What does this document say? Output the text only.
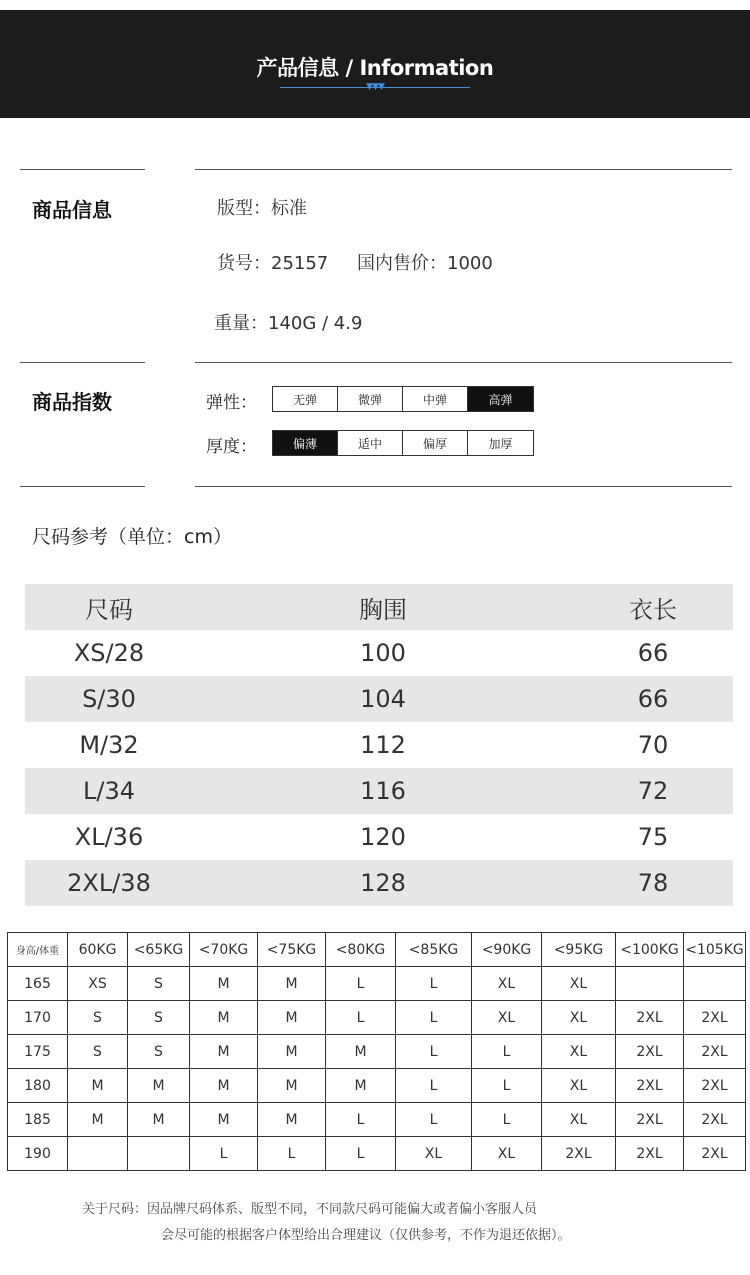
产品信息 / Information
▼▼▼
商品信息	版型：标准
货号：25157 国内售价：1000
重量：140G / 4.9
商品指数	弹性：	无弹	微弹	中弹	高弹
厚度：	偏薄	适中	偏厚	加厚
尺码参考（单位：cm）
尺码	胸围	衣长
XS/28	100	66
S/30	104	66
M/32	112	70
L/34	116	72
XL/36	120	75
2XL/38	128	78
身高/体重	60KG	<65KG	<70KG	<75KG	<80KG	<85KG	<90KG	<95KG	<100KG	<105KG
165	XS	S	M	M	L	L	XL	XL		
170	S	S	M	M	L	L	XL	XL	2XL	2XL
175	S	S	M	M	M	L	L	XL	2XL	2XL
180	M	M	M	M	M	L	L	XL	2XL	2XL
185	M	M	M	M	L	L	L	XL	2XL	2XL
190			L	L	L	XL	XL	2XL	2XL	2XL
关于尺码：因品牌尺码体系、版型不同，不同款尺码可能偏大或者偏小客服人员
会尽可能的根据客户体型给出合理建议（仅供参考，不作为退还依据）。
